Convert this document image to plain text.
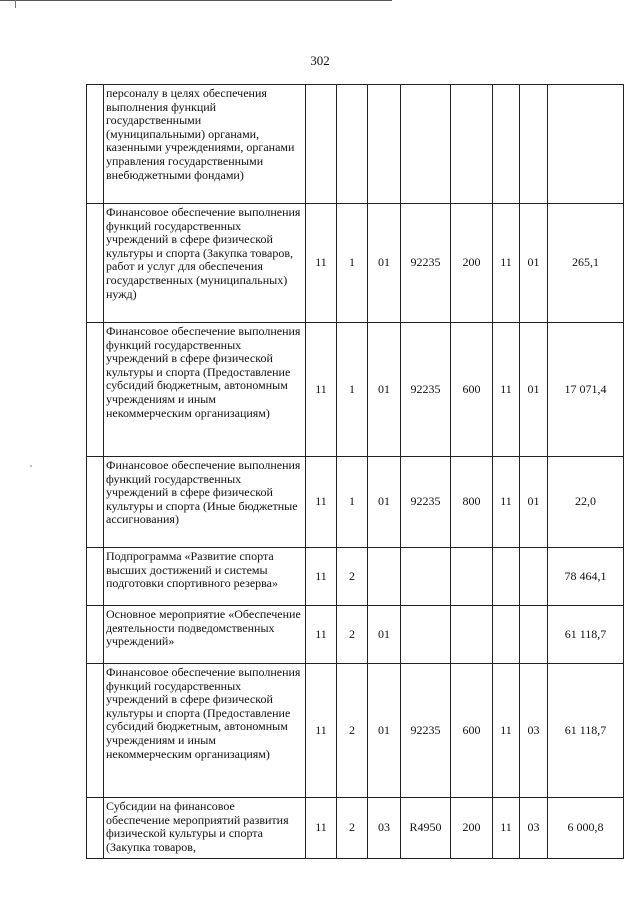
302
	персоналу в целях обеспечения выполнения функций государственными (муниципальными) органами, казенными учреждениями, органами управления государственными внебюджетными фондами)								
	Финансовое обеспечение выполнения функций государственных учреждений в сфере физической культуры и спорта (Закупка товаров, работ и услуг для обеспечения государственных (муниципальных) нужд)	11	1	01	92235	200	11	01	265,1
	Финансовое обеспечение выполнения функций государственных учреждений в сфере физической культуры и спорта (Предоставление субсидий бюджетным, автономным учреждениям и иным некоммерческим организациям)	11	1	01	92235	600	11	01	17 071,4
	Финансовое обеспечение выполнения функций государственных учреждений в сфере физической культуры и спорта (Иные бюджетные ассигнования)	11	1	01	92235	800	11	01	22,0
	Подпрограмма «Развитие спорта высших достижений и системы подготовки спортивного резерва»	11	2						78 464,1
	Основное мероприятие «Обеспечение деятельности подведомственных учреждений»	11	2	01					61 118,7
	Финансовое обеспечение выполнения функций государственных учреждений в сфере физической культуры и спорта (Предоставление субсидий бюджетным, автономным учреждениям и иным некоммерческим организациям)	11	2	01	92235	600	11	03	61 118,7
	Субсидии на финансовое обеспечение мероприятий развития физической культуры и спорта (Закупка товаров,	11	2	03	R4950	200	11	03	6 000,8
